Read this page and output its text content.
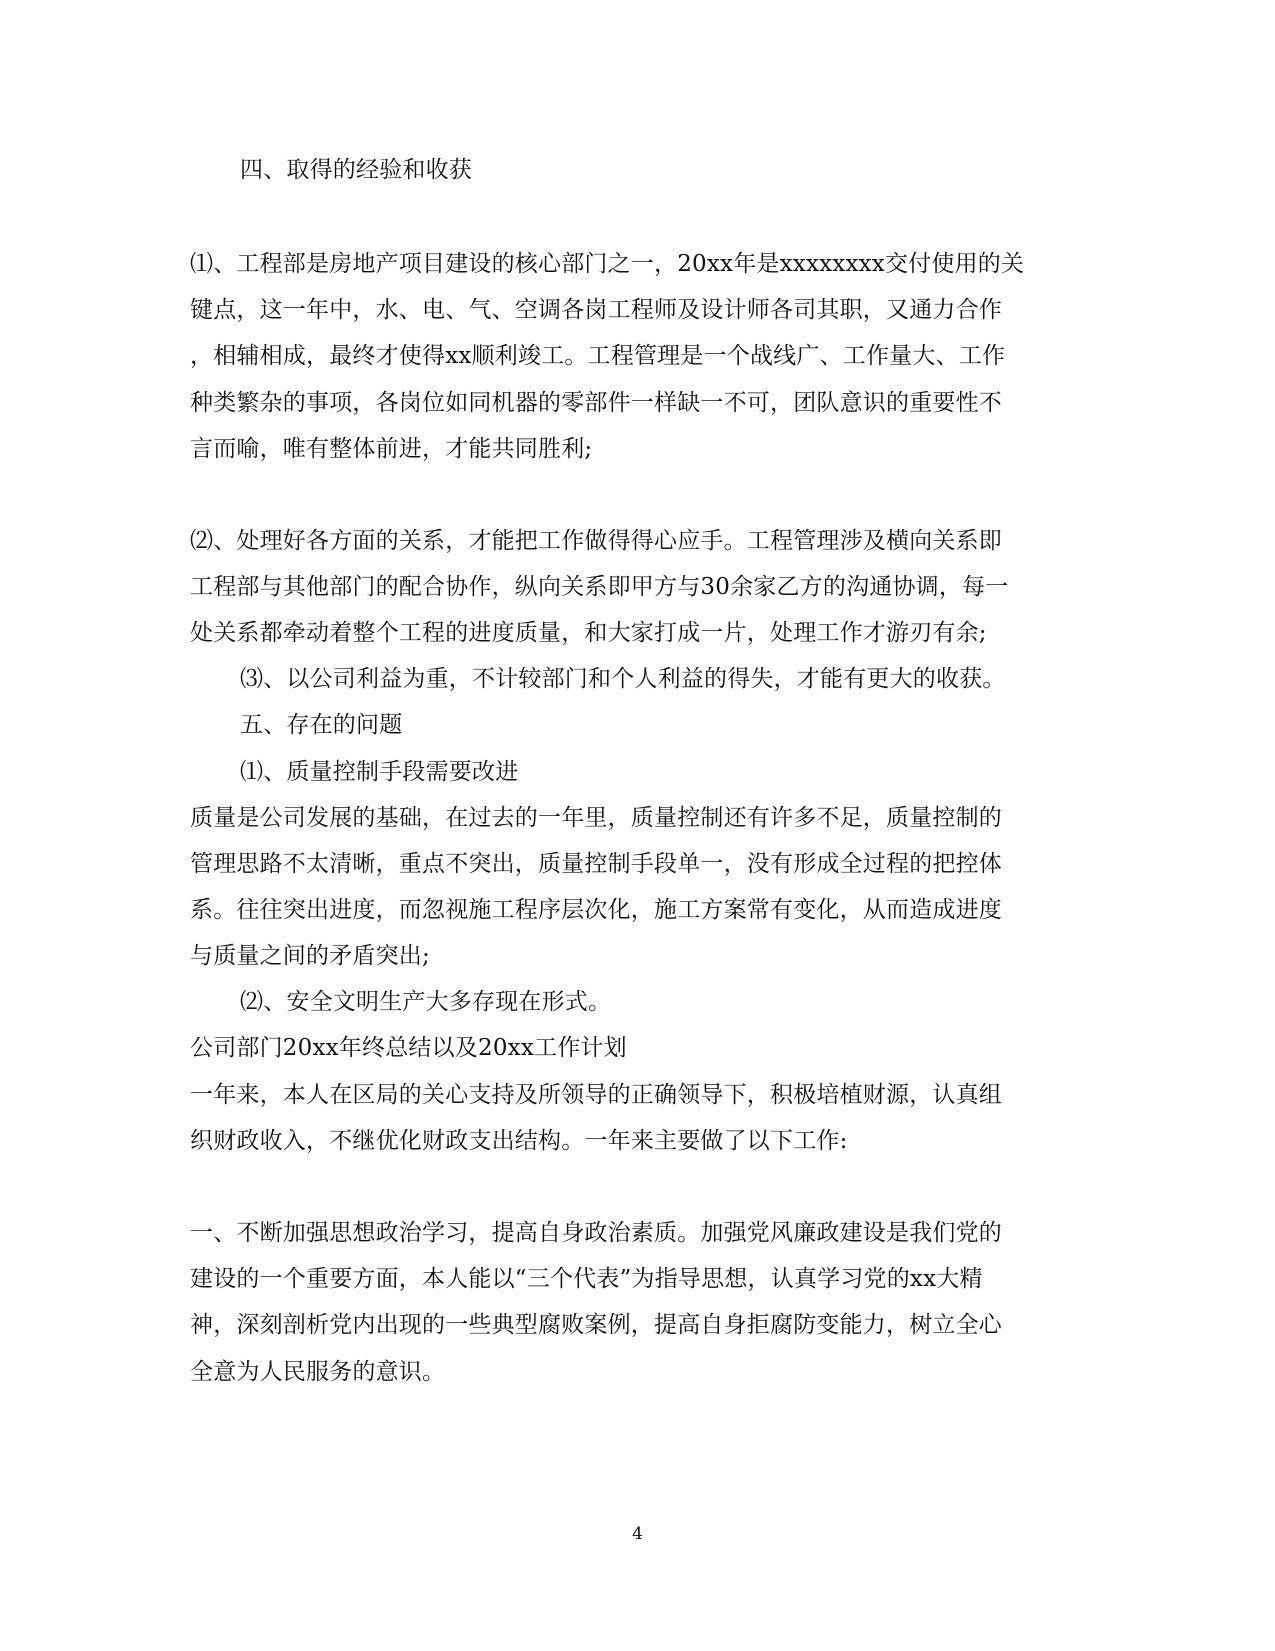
四、取得的经验和收获
⑴、工程部是房地产项目建设的核心部门之一，20xx年是xxxxxxxx交付使用的关
键点，这一年中，水、电、气、空调各岗工程师及设计师各司其职，又通力合作
，相辅相成，最终才使得xx顺利竣工。工程管理是一个战线广、工作量大、工作
种类繁杂的事项，各岗位如同机器的零部件一样缺一不可，团队意识的重要性不
言而喻，唯有整体前进，才能共同胜利;
⑵、处理好各方面的关系，才能把工作做得得心应手。工程管理涉及横向关系即
工程部与其他部门的配合协作，纵向关系即甲方与30余家乙方的沟通协调，每一
处关系都牵动着整个工程的进度质量，和大家打成一片，处理工作才游刃有余;
⑶、以公司利益为重，不计较部门和个人利益的得失，才能有更大的收获。
五、存在的问题
⑴、质量控制手段需要改进
质量是公司发展的基础，在过去的一年里，质量控制还有许多不足，质量控制的
管理思路不太清晰，重点不突出，质量控制手段单一，没有形成全过程的把控体
系。往往突出进度，而忽视施工程序层次化，施工方案常有变化，从而造成进度
与质量之间的矛盾突出;
⑵、安全文明生产大多存现在形式。
公司部门20xx年终总结以及20xx工作计划
一年来，本人在区局的关心支持及所领导的正确领导下，积极培植财源，认真组
织财政收入，不继优化财政支出结构。一年来主要做了以下工作:
一、不断加强思想政治学习，提高自身政治素质。加强党风廉政建设是我们党的
建设的一个重要方面，本人能以“三个代表”为指导思想，认真学习党的xx大精
神，深刻剖析党内出现的一些典型腐败案例，提高自身拒腐防变能力，树立全心
全意为人民服务的意识。
4
